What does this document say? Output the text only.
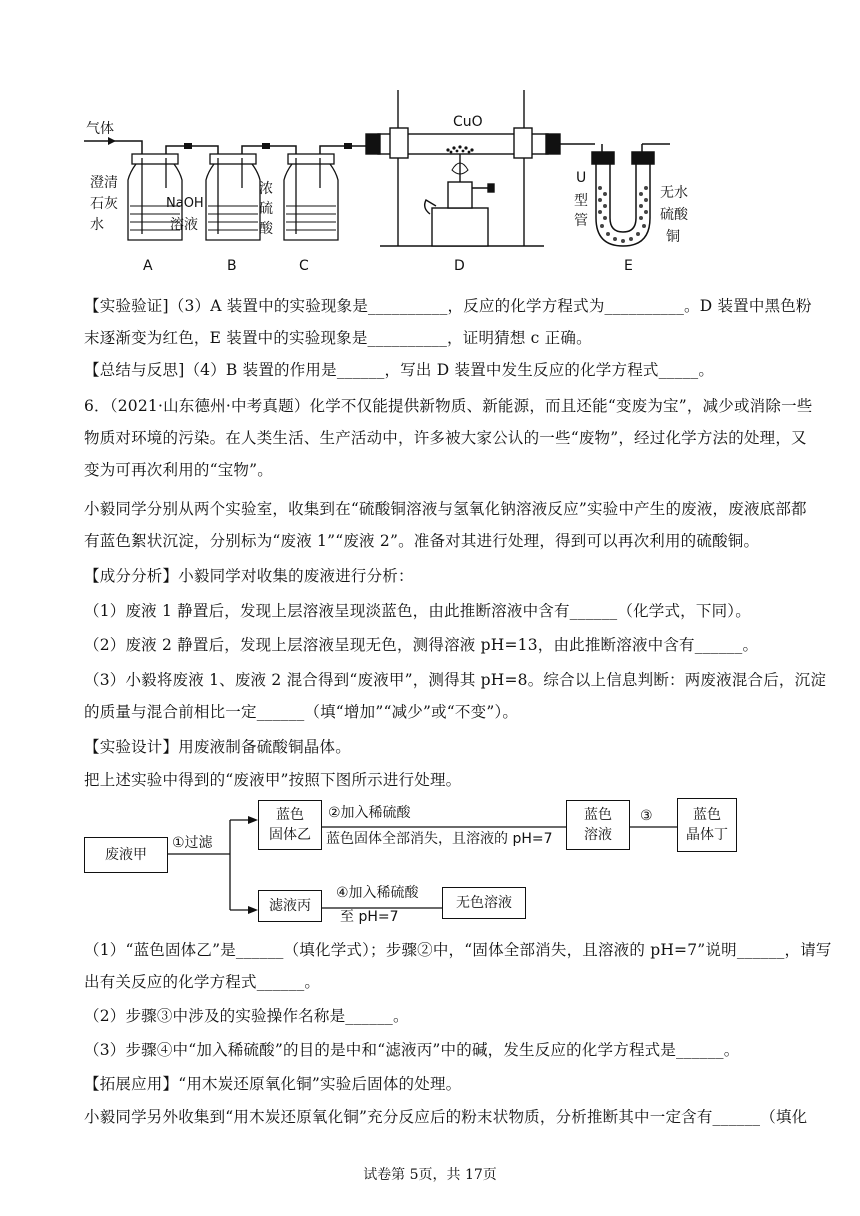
气体
澄清
石灰
水
NaOH
溶液
浓
硫
酸
CuO
U
型
管
无水
硫酸
铜
A	B	C	D	E
【实验验证]（3）A 装置中的实验现象是__________，反应的化学方程式为__________。D 装置中黑色粉
末逐渐变为红色，E 装置中的实验现象是__________，证明猜想 c 正确。
【总结与反思]（4）B 装置的作用是______，写出 D 装置中发生反应的化学方程式_____。
6．（2021·山东德州·中考真题）化学不仅能提供新物质、新能源，而且还能“变废为宝”，减少或消除一些
物质对环境的污染。在人类生活、生产活动中，许多被大家公认的一些“废物”，经过化学方法的处理，又
变为可再次利用的“宝物”。
小毅同学分别从两个实验室，收集到在“硫酸铜溶液与氢氧化钠溶液反应”实验中产生的废液，废液底部都
有蓝色絮状沉淀，分别标为“废液 1”“废液 2”。准备对其进行处理，得到可以再次利用的硫酸铜。
【成分分析】小毅同学对收集的废液进行分析：
（1）废液 1 静置后，发现上层溶液呈现淡蓝色，由此推断溶液中含有______（化学式，下同）。
（2）废液 2 静置后，发现上层溶液呈现无色，测得溶液 pH=13，由此推断溶液中含有______。
（3）小毅将废液 1、废液 2 混合得到“废液甲”，测得其 pH=8。综合以上信息判断：两废液混合后，沉淀
的质量与混合前相比一定______（填“增加”“减少”或“不变”）。
【实验设计】用废液制备硫酸铜晶体。
把上述实验中得到的“废液甲”按照下图所示进行处理。
废液甲
①过滤
蓝色
固体乙
②加入稀硫酸
蓝色固体全部消失，且溶液的 pH=7
蓝色
溶液
③	蓝色
晶体丁
滤液丙
④加入稀硫酸
至 pH=7
无色溶液
（1）“蓝色固体乙”是______（填化学式）；步骤②中，“固体全部消失，且溶液的 pH=7”说明______，请写
出有关反应的化学方程式______。
（2）步骤③中涉及的实验操作名称是______。
（3）步骤④中“加入稀硫酸”的目的是中和“滤液丙”中的碱，发生反应的化学方程式是______。
【拓展应用】“用木炭还原氧化铜”实验后固体的处理。
小毅同学另外收集到“用木炭还原氧化铜”充分反应后的粉末状物质，分析推断其中一定含有______（填化
试卷第 5页，共 17页
